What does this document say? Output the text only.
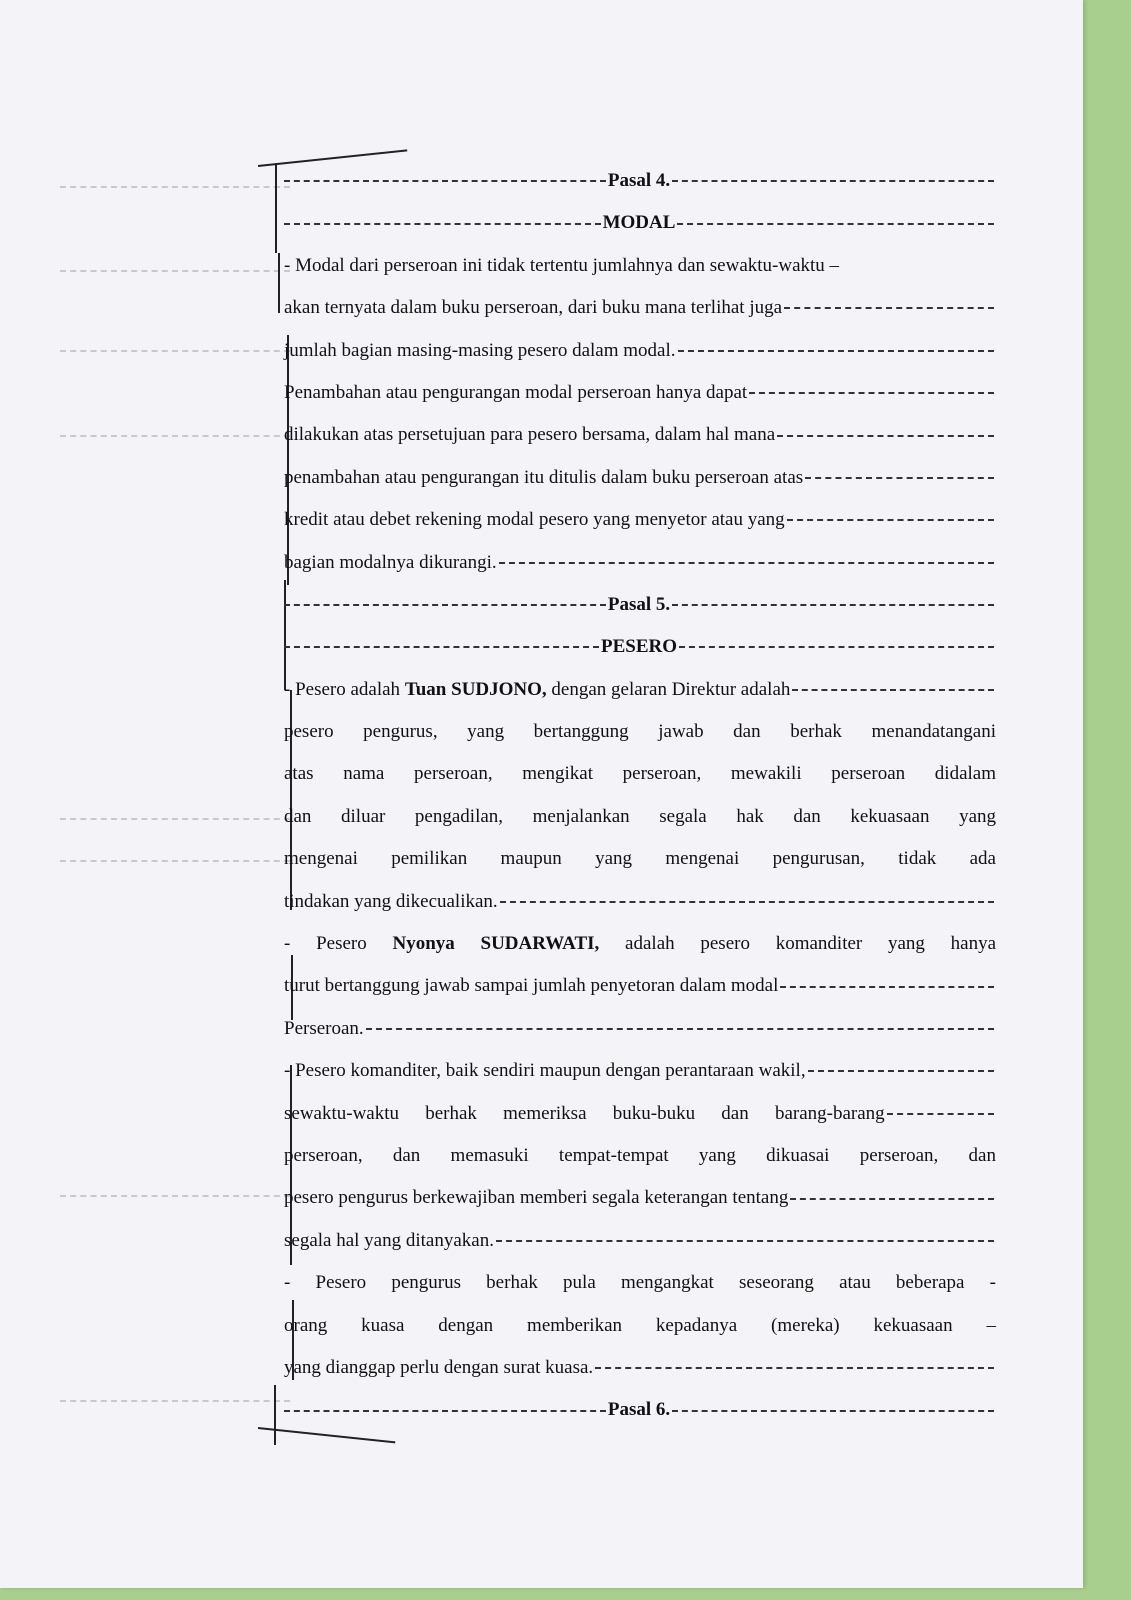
Pasal 4.
MODAL
- Modal dari perseroan ini tidak tertentu jumlahnya dan sewaktu-waktu –
akan ternyata dalam buku perseroan, dari buku mana terlihat juga
jumlah bagian masing-masing pesero dalam modal.
Penambahan atau pengurangan modal perseroan hanya dapat
dilakukan atas persetujuan para pesero bersama, dalam hal mana
penambahan atau pengurangan itu ditulis dalam buku perseroan atas
kredit atau debet rekening modal pesero yang menyetor atau yang
bagian modalnya dikurangi.
Pasal 5.
PESERO
- Pesero adalah Tuan SUDJONO, dengan gelaran Direktur adalah
pesero pengurus, yang bertanggung jawab dan berhak menandatangani
atas nama perseroan, mengikat perseroan, mewakili perseroan didalam
dan diluar pengadilan, menjalankan segala hak dan kekuasaan yang
mengenai pemilikan maupun yang mengenai pengurusan, tidak ada
tindakan yang dikecualikan.
- Pesero Nyonya SUDARWATI, adalah pesero komanditer yang hanya
turut bertanggung jawab sampai jumlah penyetoran dalam modal
Perseroan.
- Pesero komanditer, baik sendiri maupun dengan perantaraan wakil,
sewaktu-waktu berhak memeriksa buku-buku dan barang-barang
perseroan, dan memasuki tempat-tempat yang dikuasai perseroan, dan
pesero pengurus berkewajiban memberi segala keterangan tentang
segala hal yang ditanyakan.
- Pesero pengurus berhak pula mengangkat seseorang atau beberapa -
orang kuasa dengan memberikan kepadanya (mereka) kekuasaan –
yang dianggap perlu dengan surat kuasa.
Pasal 6.
